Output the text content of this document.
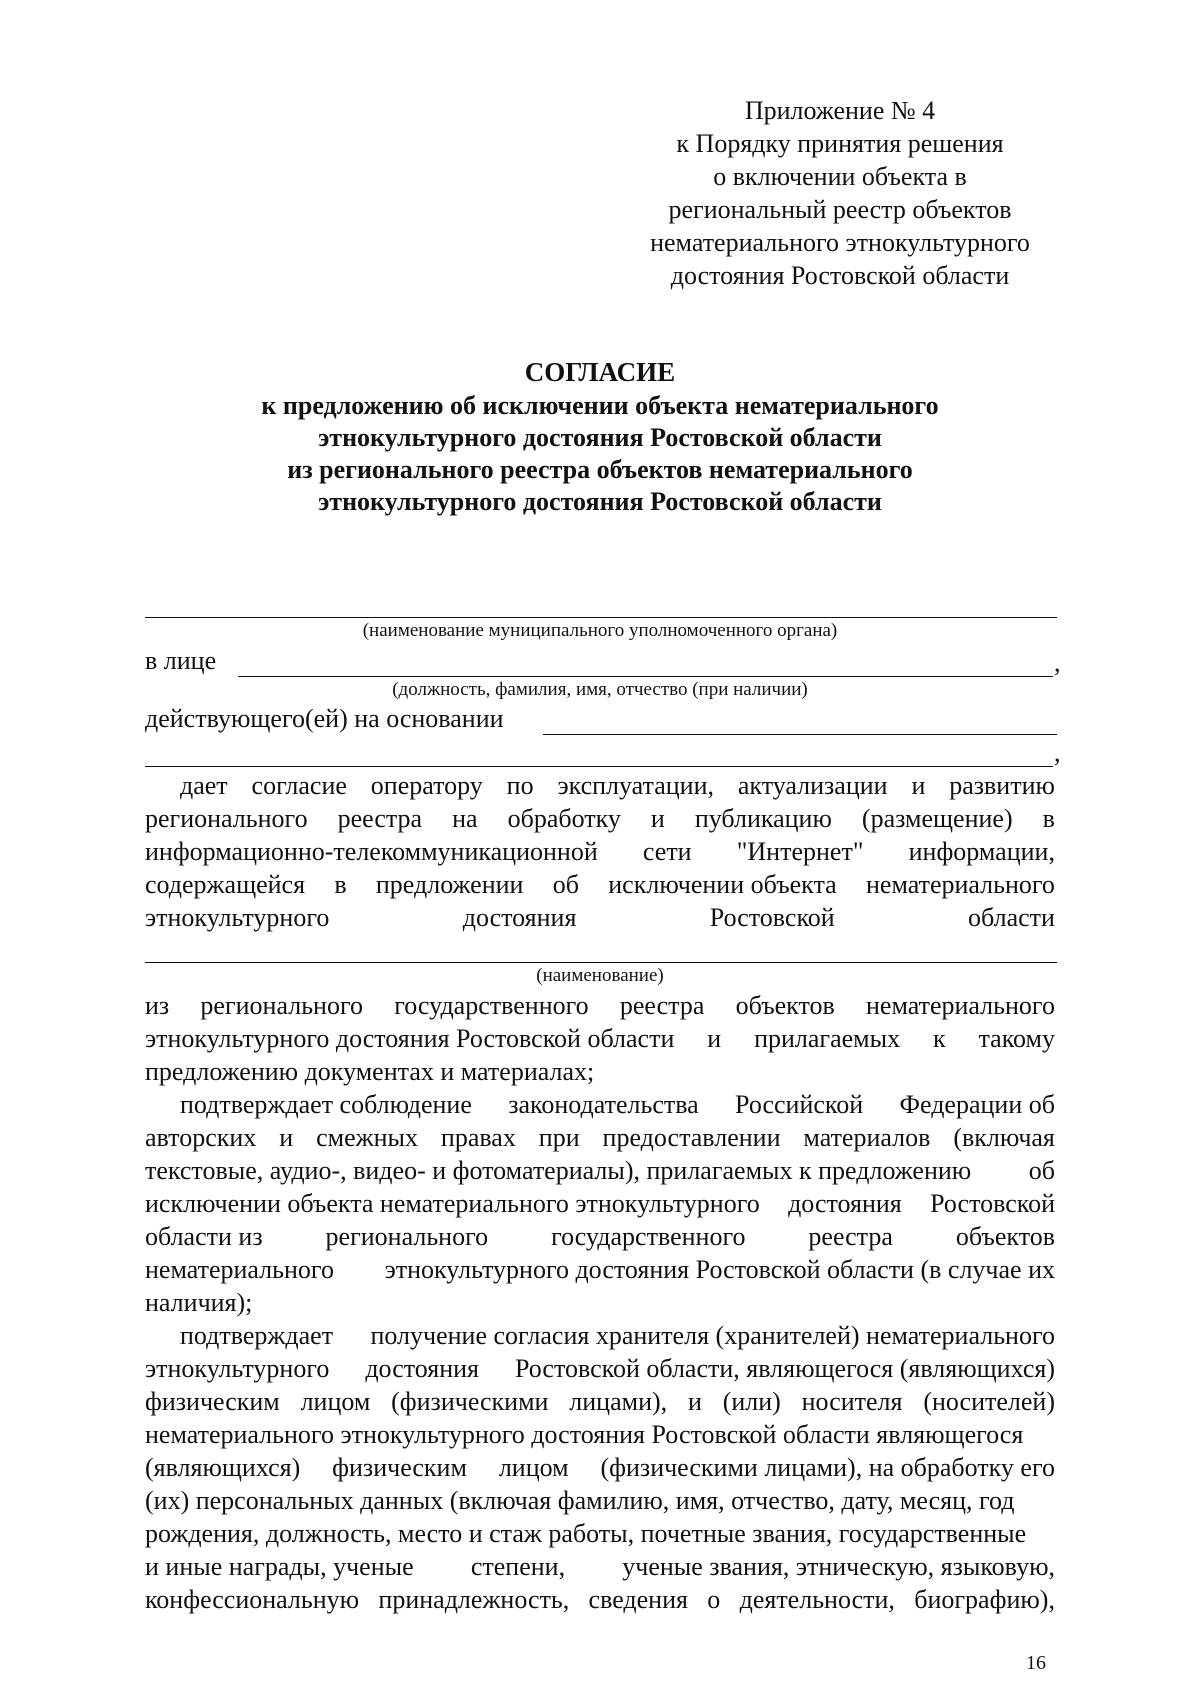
Приложение № 4
к Порядку принятия решения
о включении объекта в
региональный реестр объектов
нематериального этнокультурного
достояния Ростовской области
СОГЛАСИЕ
к предложению об исключении объекта нематериального
этнокультурного достояния Ростовской области
из регионального реестра объектов нематериального
этнокультурного достояния Ростовской области
(наименование муниципального уполномоченного органа)
в лице	,
(должность, фамилия, имя, отчество (при наличии)
действующего(ей) на основании
,
дает согласие оператору по эксплуатации, актуализации и развитию
регионального реестра на обработку и публикацию (размещение) в
информационно-телекоммуникационной сети "Интернет" информации,
содержащейся в предложении об исключении объекта нематериального
этнокультурного	достояния	Ростовской	области
(наименование)
из регионального государственного реестра объектов нематериального
этнокультурного достояния Ростовской области и прилагаемых к такому
предложению документах и материалах;
подтверждает соблюдение законодательства Российской Федерации об
авторских и смежных правах при предоставлении материалов (включая
текстовые, аудио-, видео- и фотоматериалы), прилагаемых к предложению об
исключении объекта нематериального этнокультурного достояния Ростовской
области из регионального государственного реестра объектов
нематериального этнокультурного достояния Ростовской области (в случае их
наличия);
подтверждает получение согласия хранителя (хранителей) нематериального
этнокультурного достояния Ростовской области, являющегося (являющихся)
физическим лицом (физическими лицами), и (или) носителя (носителей)
нематериального этнокультурного достояния Ростовской области являющегося
(являющихся) физическим лицом (физическими лицами), на обработку его
(их) персональных данных (включая фамилию, имя, отчество, дату, месяц, год
рождения, должность, место и стаж работы, почетные звания, государственные
и иные награды, ученые степени, ученые звания, этническую, языковую,
конфессиональную принадлежность, сведения о деятельности, биографию),
16
